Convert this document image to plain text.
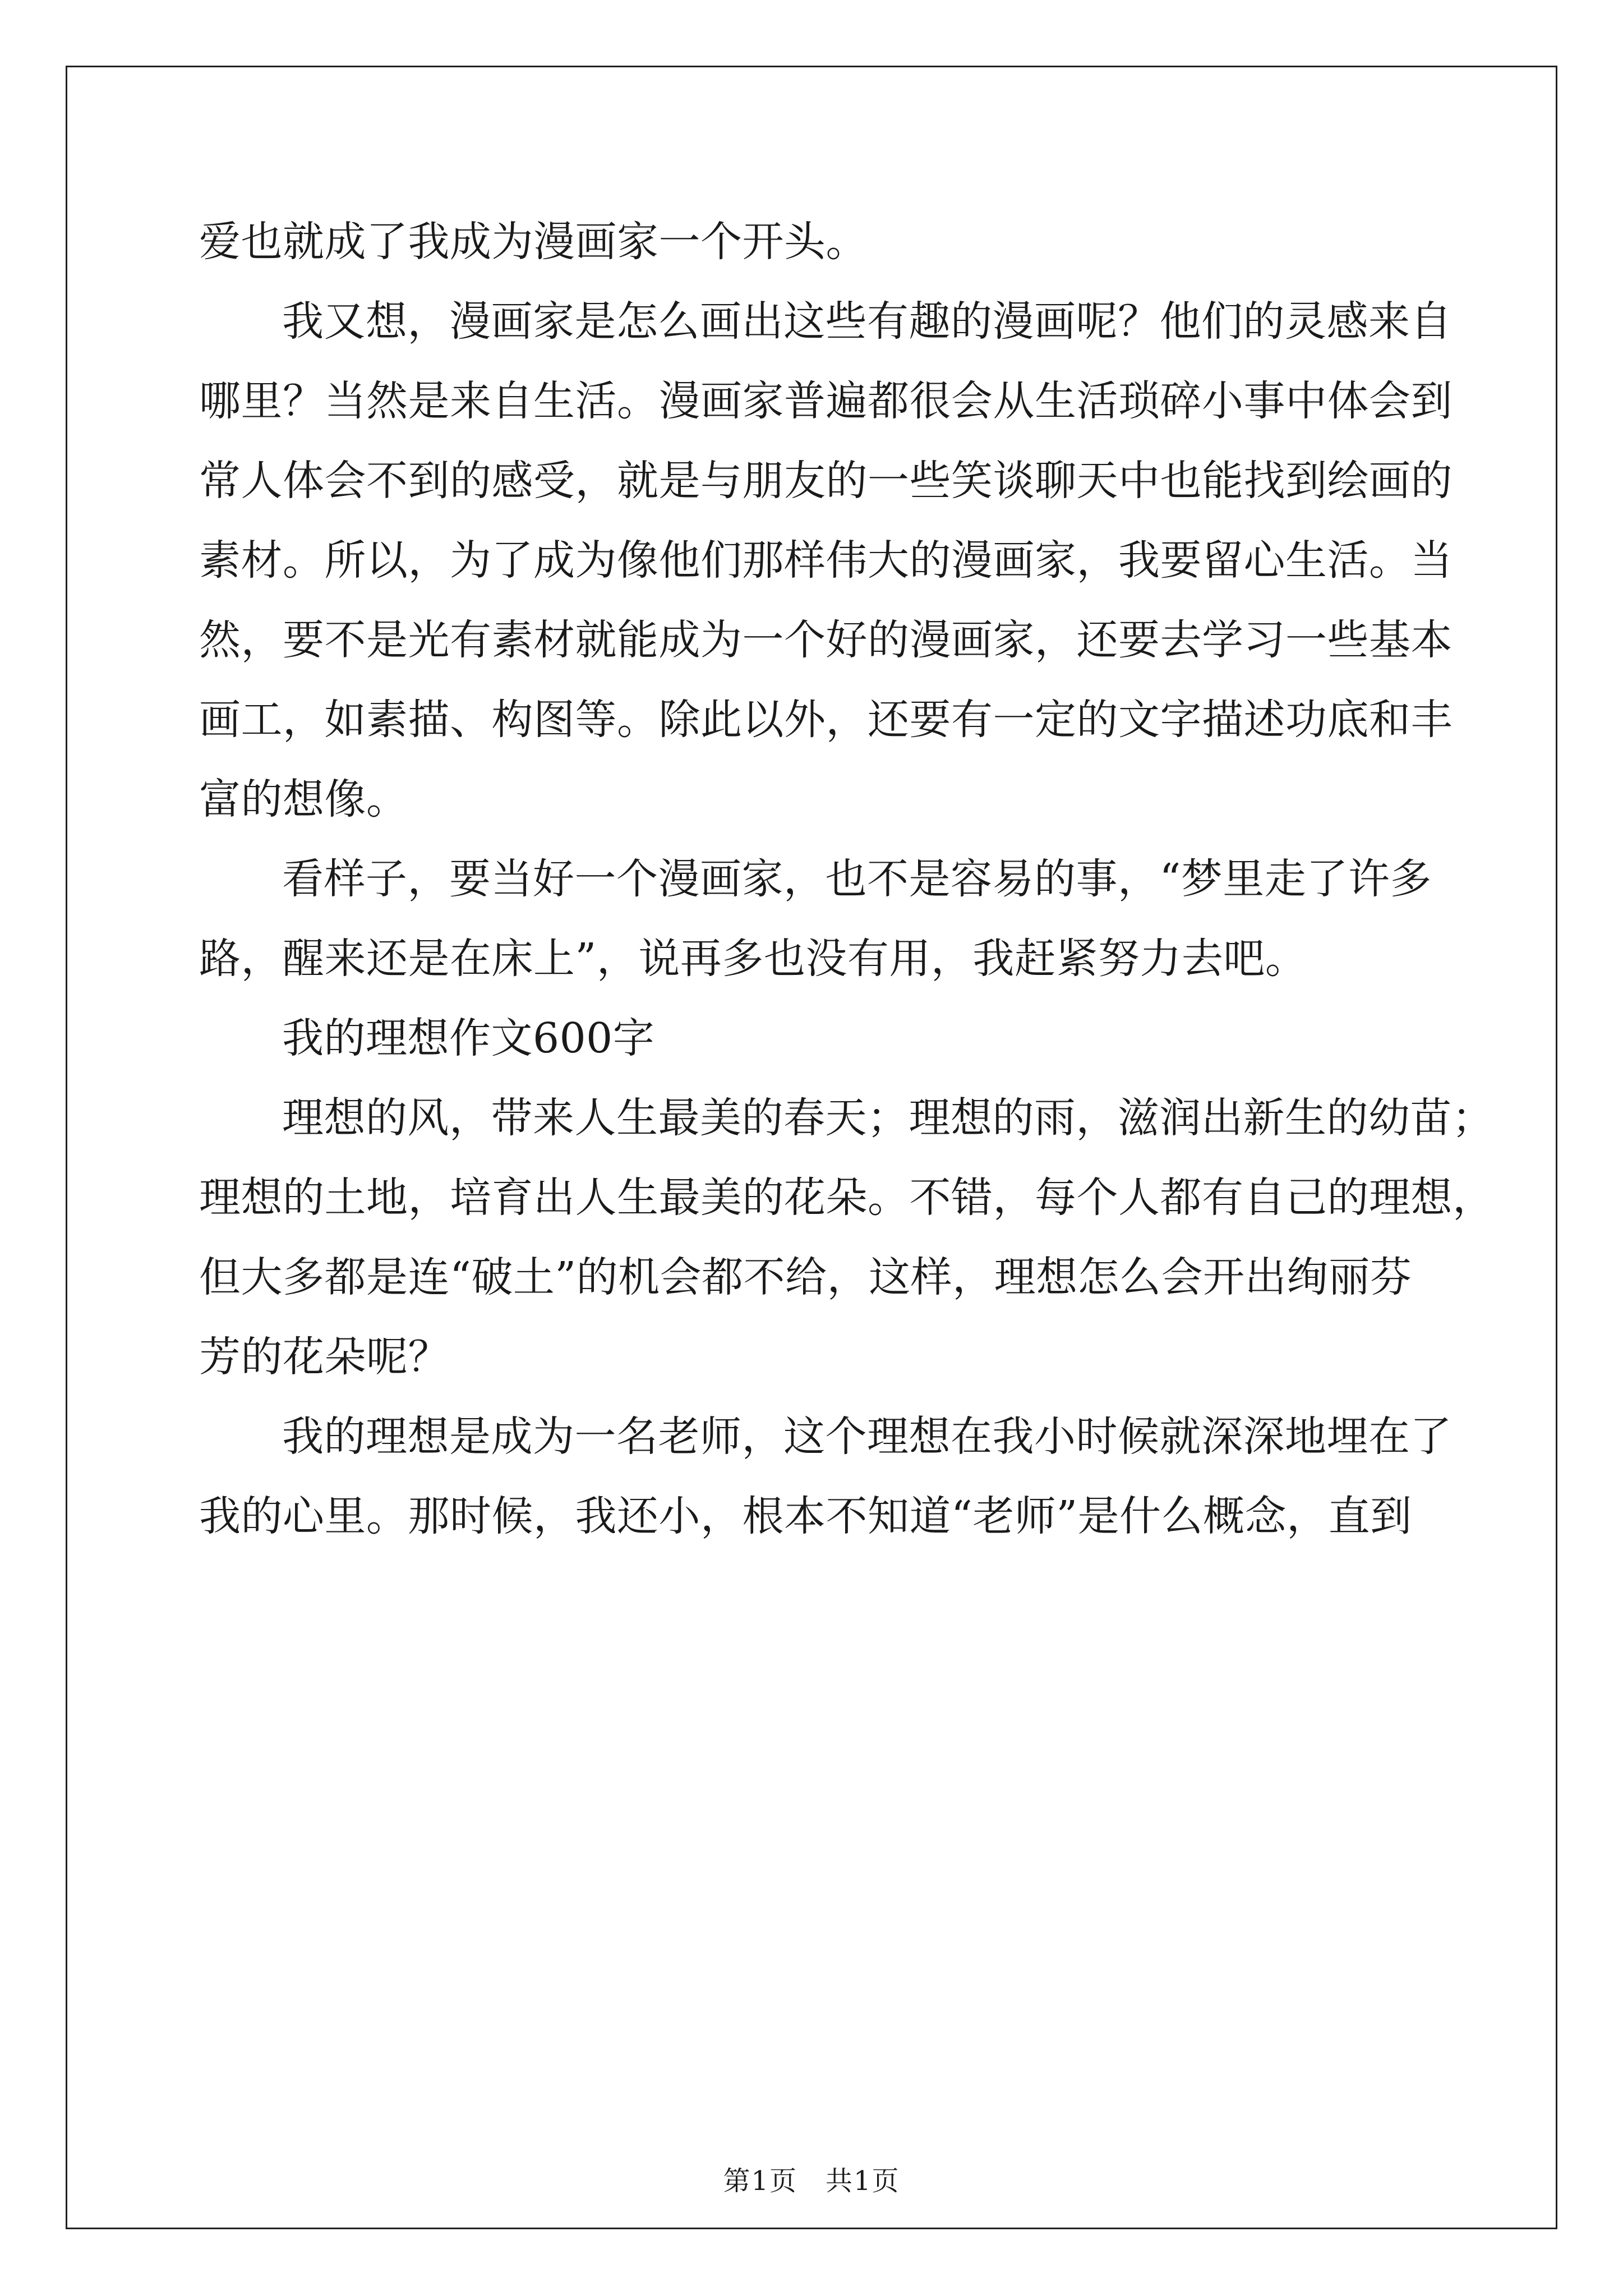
爱也就成了我成为漫画家一个开头。
我又想，漫画家是怎么画出这些有趣的漫画呢？他们的灵感来自
哪里？当然是来自生活。漫画家普遍都很会从生活琐碎小事中体会到
常人体会不到的感受，就是与朋友的一些笑谈聊天中也能找到绘画的
素材。所以，为了成为像他们那样伟大的漫画家，我要留心生活。当
然，要不是光有素材就能成为一个好的漫画家，还要去学习一些基本
画工，如素描、构图等。除此以外，还要有一定的文字描述功底和丰
富的想像。
看样子，要当好一个漫画家，也不是容易的事，“梦里走了许多
路，醒来还是在床上”，说再多也没有用，我赶紧努力去吧。
我的理想作文600字
理想的风，带来人生最美的春天；理想的雨，滋润出新生的幼苗；
理想的土地，培育出人生最美的花朵。不错，每个人都有自己的理想，
但大多都是连“破土”的机会都不给，这样，理想怎么会开出绚丽芬
芳的花朵呢？
我的理想是成为一名老师，这个理想在我小时候就深深地埋在了
我的心里。那时候，我还小，根本不知道“老师”是什么概念，直到
第1页　共1页
